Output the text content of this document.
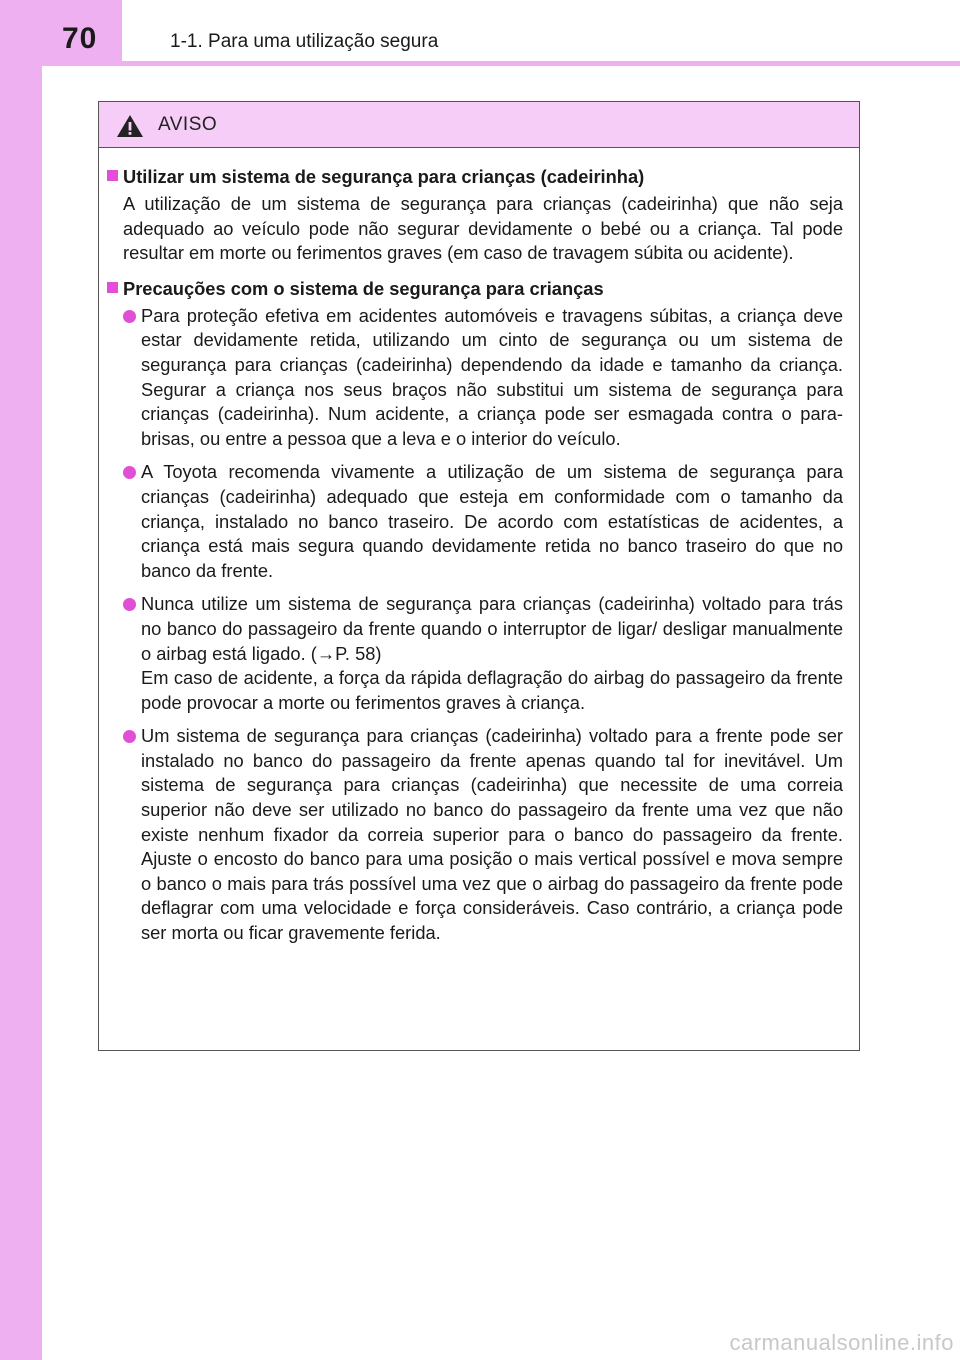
70	1-1. Para uma utilização segura
AVISO
Utilizar um sistema de segurança para crianças (cadeirinha)
A utilização de um sistema de segurança para crianças (cadeirinha) que não seja adequado ao veículo pode não segurar devidamente o bebé ou a criança. Tal pode resultar em morte ou ferimentos graves (em caso de travagem súbita ou acidente).
Precauções com o sistema de segurança para crianças

Para proteção efetiva em acidentes automóveis e travagens súbitas, a criança deve estar devidamente retida, utilizando um cinto de segurança ou um sistema de segurança para crianças (cadeirinha) dependendo da idade e tamanho da criança. Segurar a criança nos seus braços não substitui um sistema de segurança para crianças (cadeirinha). Num acidente, a criança pode ser esmagada contra o para-brisas, ou entre a pessoa que a leva e o interior do veículo.

A Toyota recomenda vivamente a utilização de um sistema de segurança para crianças (cadeirinha) adequado que esteja em conformidade com o tamanho da criança, instalado no banco traseiro. De acordo com estatísticas de acidentes, a criança está mais segura quando devidamente retida no banco traseiro do que no banco da frente.

Nunca utilize um sistema de segurança para crianças (cadeirinha) voltado para trás no banco do passageiro da frente quando o interruptor de ligar/ desligar manualmente o airbag está ligado. (→P. 58)

Em caso de acidente, a força da rápida deflagração do airbag do passageiro da frente pode provocar a morte ou ferimentos graves à criança.

Um sistema de segurança para crianças (cadeirinha) voltado para a frente pode ser instalado no banco do passageiro da frente apenas quando tal for inevitável. Um sistema de segurança para crianças (cadeirinha) que necessite de uma correia superior não deve ser utilizado no banco do passageiro da frente uma vez que não existe nenhum fixador da correia superior para o banco do passageiro da frente. Ajuste o encosto do banco para uma posição o mais vertical possível e mova sempre o banco o mais para trás possível uma vez que o airbag do passageiro da frente pode deflagrar com uma velocidade e força consideráveis. Caso contrário, a criança pode ser morta ou ficar gravemente ferida.

carmanualsonline.info
